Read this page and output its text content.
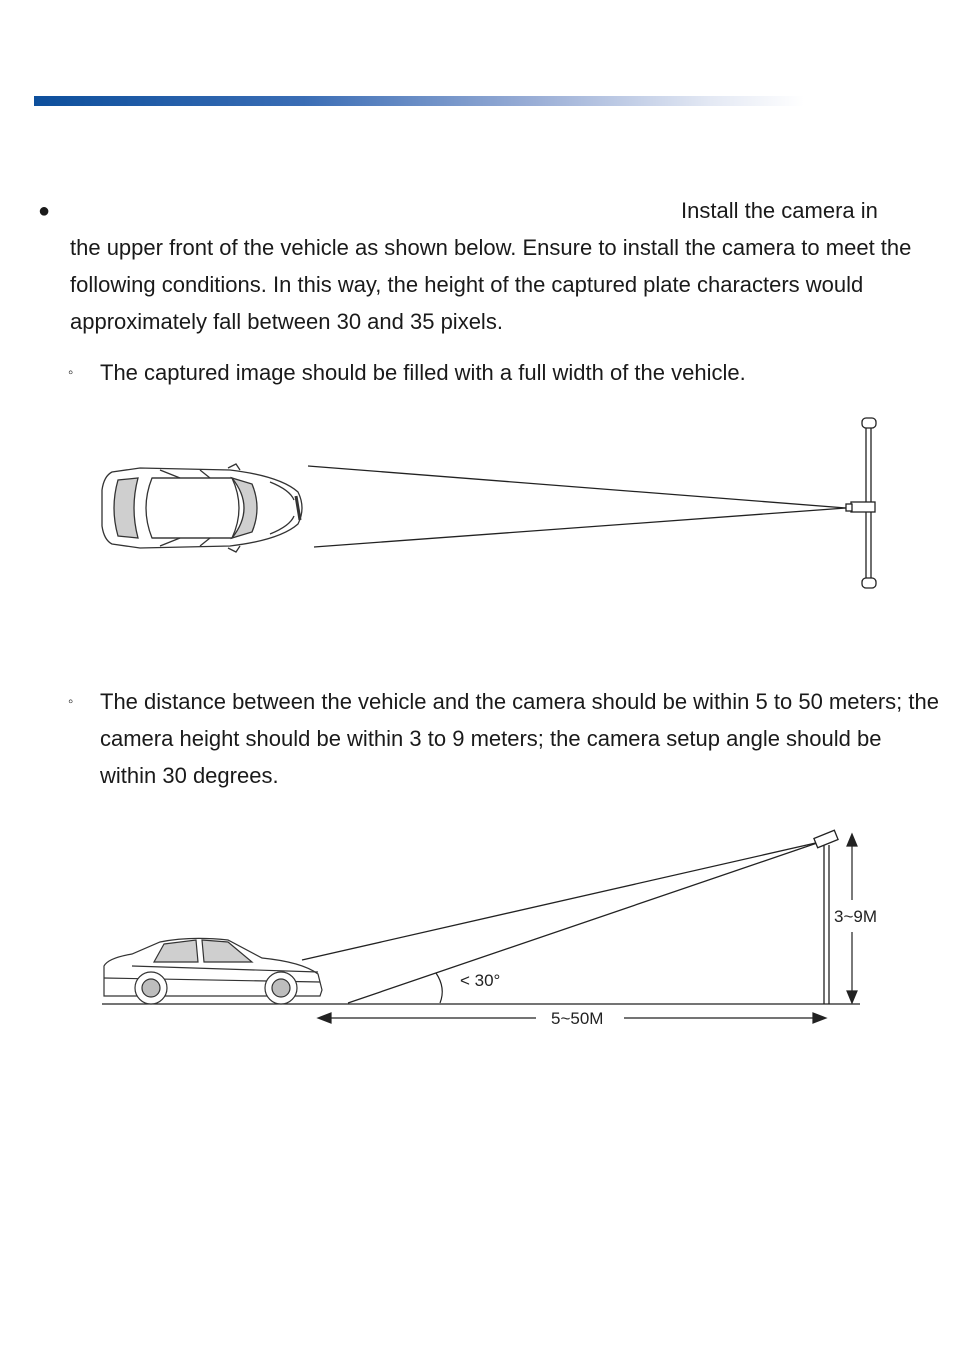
●	Install the camera in
the upper front of the vehicle as shown below. Ensure to install the camera to meet the following conditions. In this way, the height of the captured plate characters would approximately fall between 30 and 35 pixels.

◦ The captured image should be filled with a full width of the vehicle.

◦ The distance between the vehicle and the camera should be within 5 to 50 meters; the camera height should be within 3 to 9 meters; the camera setup angle should be within 30 degrees.

< 30°
3~9M
5~50M
